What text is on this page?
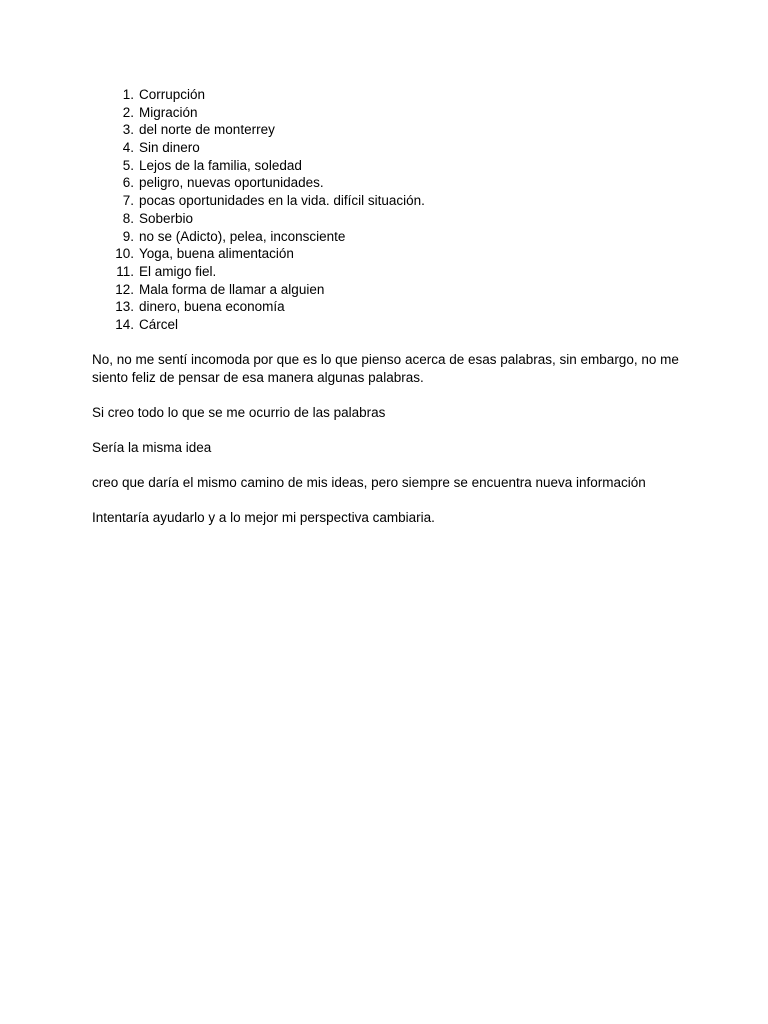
1. Corrupción
2. Migración
3. del norte de monterrey
4. Sin dinero
5. Lejos de la familia, soledad
6. peligro, nuevas oportunidades.
7. pocas oportunidades en la vida. difícil situación.
8. Soberbio
9. no se (Adicto), pelea, inconsciente
10. Yoga, buena alimentación
11. El amigo fiel.
12. Mala forma de llamar a alguien
13. dinero, buena economía
14. Cárcel

No, no me sentí incomoda por que es lo que pienso acerca de esas palabras, sin embargo, no me siento feliz de pensar de esa manera algunas palabras.

Si creo todo lo que se me ocurrio de las palabras

Sería la misma idea

creo que daría el mismo camino de mis ideas, pero siempre se encuentra nueva información

Intentaría ayudarlo y a lo mejor mi perspectiva cambiaria.
